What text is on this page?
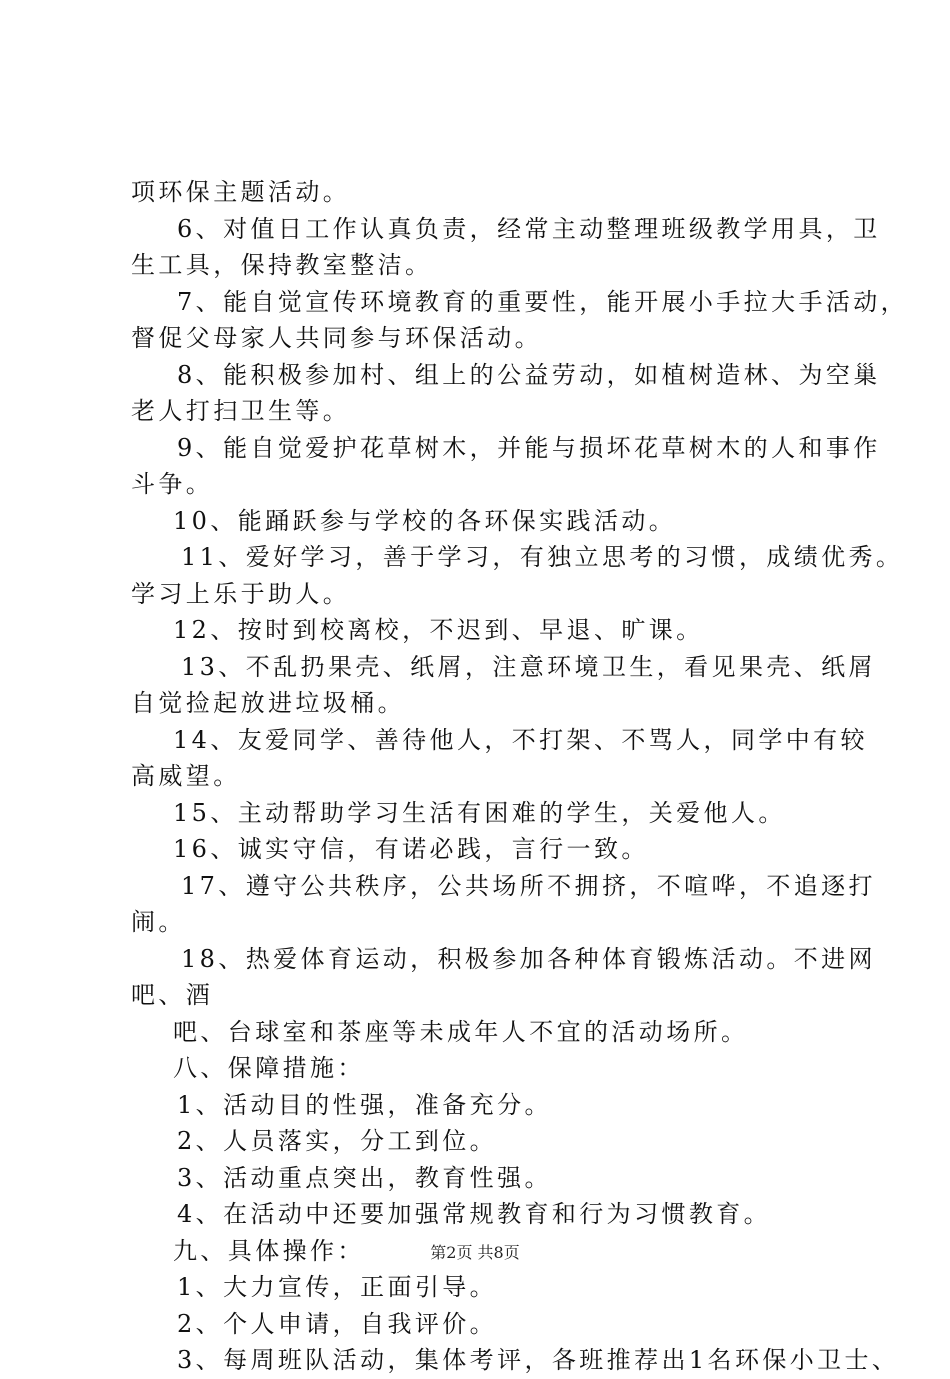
项环保主题活动。
6、对值日工作认真负责，经常主动整理班级教学用具，卫
生工具，保持教室整洁。
7、能自觉宣传环境教育的重要性，能开展小手拉大手活动，
督促父母家人共同参与环保活动。
8、能积极参加村、组上的公益劳动，如植树造林、为空巢
老人打扫卫生等。
9、能自觉爱护花草树木，并能与损坏花草树木的人和事作
斗争。
10、能踊跃参与学校的各环保实践活动。
11、爱好学习，善于学习，有独立思考的习惯，成绩优秀。
学习上乐于助人。
12、按时到校离校，不迟到、早退、旷课。
13、不乱扔果壳、纸屑，注意环境卫生，看见果壳、纸屑
自觉捡起放进垃圾桶。
14、友爱同学、善待他人，不打架、不骂人，同学中有较
高威望。
15、主动帮助学习生活有困难的学生，关爱他人。
16、诚实守信，有诺必践，言行一致。
17、遵守公共秩序，公共场所不拥挤，不喧哗，不追逐打
闹。
18、热爱体育运动，积极参加各种体育锻炼活动。不进网
吧、酒
吧、台球室和茶座等未成年人不宜的活动场所。
八、保障措施：
1、活动目的性强，准备充分。
2、人员落实，分工到位。
3、活动重点突出，教育性强。
4、在活动中还要加强常规教育和行为习惯教育。
九、具体操作：
1、大力宣传，正面引导。
2、个人申请，自我评价。
3、每周班队活动，集体考评，各班推荐出1名环保小卫士、
第2页 共8页
